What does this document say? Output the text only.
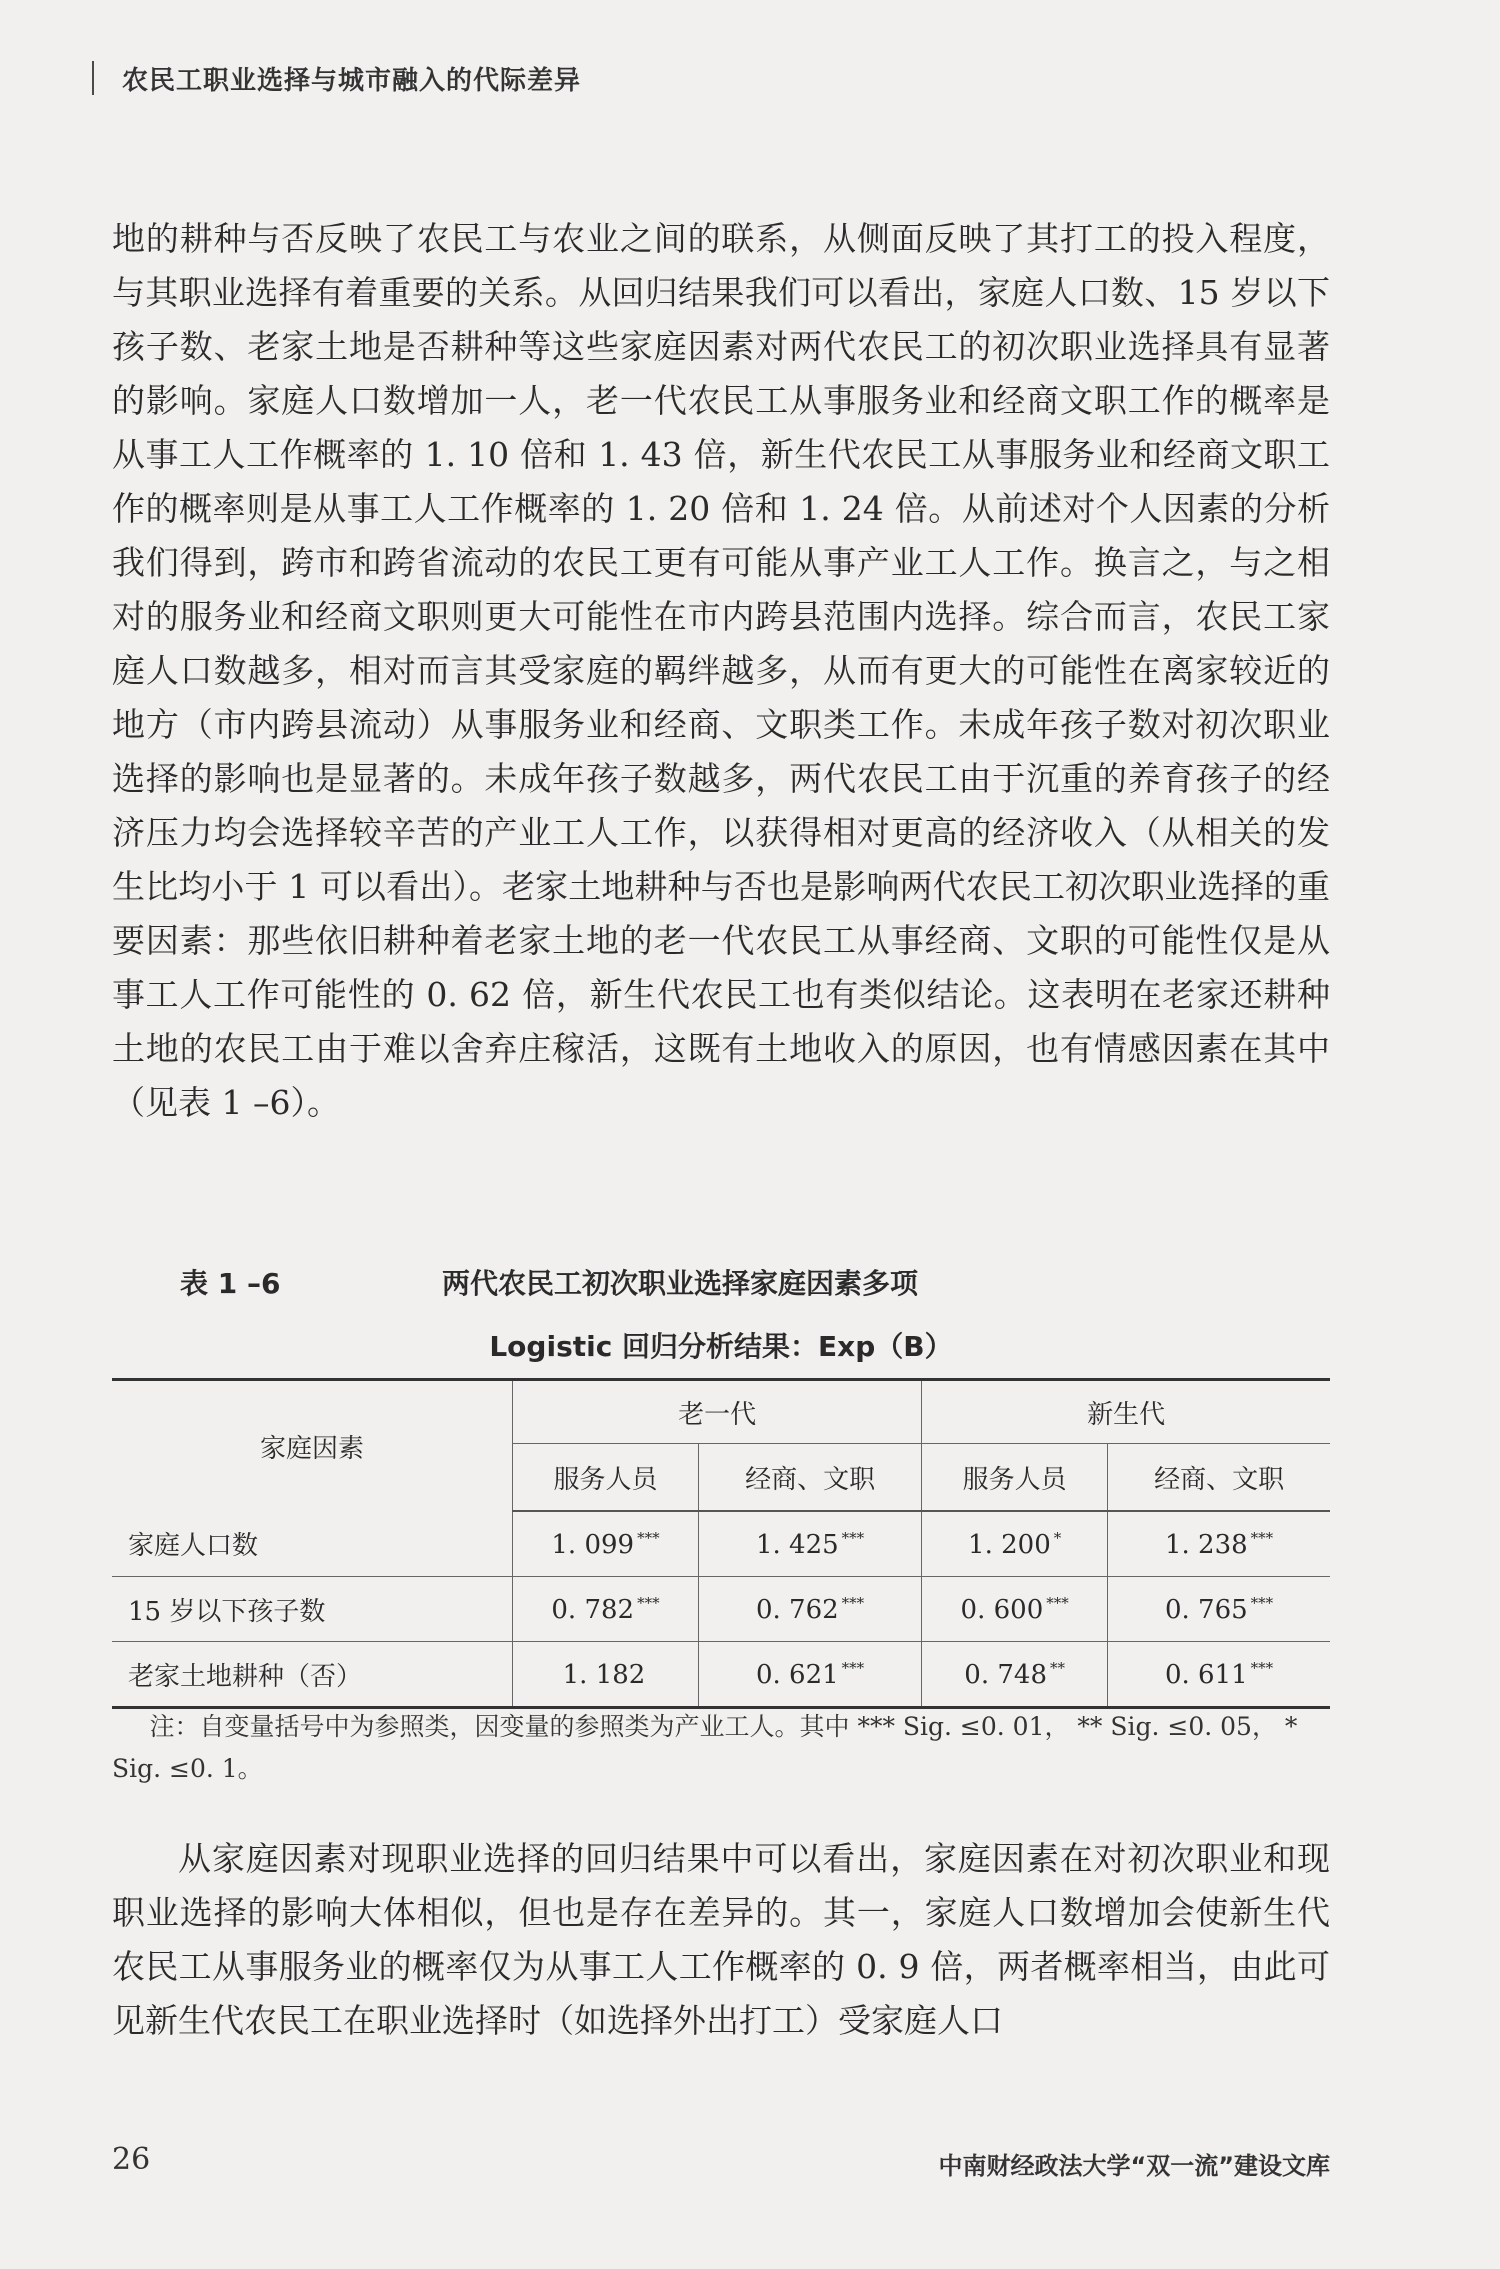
农民工职业选择与城市融入的代际差异

地的耕种与否反映了农民工与农业之间的联系，从侧面反映了其打工的投入程度，与其职业选择有着重要的关系。从回归结果我们可以看出，家庭人口数、15 岁以下孩子数、老家土地是否耕种等这些家庭因素对两代农民工的初次职业选择具有显著的影响。家庭人口数增加一人，老一代农民工从事服务业和经商文职工作的概率是从事工人工作概率的 1. 10 倍和 1. 43 倍，新生代农民工从事服务业和经商文职工作的概率则是从事工人工作概率的 1. 20 倍和 1. 24 倍。从前述对个人因素的分析我们得到，跨市和跨省流动的农民工更有可能从事产业工人工作。换言之，与之相对的服务业和经商文职则更大可能性在市内跨县范围内选择。综合而言，农民工家庭人口数越多，相对而言其受家庭的羁绊越多，从而有更大的可能性在离家较近的地方（市内跨县流动）从事服务业和经商、文职类工作。未成年孩子数对初次职业选择的影响也是显著的。未成年孩子数越多，两代农民工由于沉重的养育孩子的经济压力均会选择较辛苦的产业工人工作，以获得相对更高的经济收入（从相关的发生比均小于 1 可以看出）。老家土地耕种与否也是影响两代农民工初次职业选择的重要因素：那些依旧耕种着老家土地的老一代农民工从事经商、文职的可能性仅是从事工人工作可能性的 0. 62 倍，新生代农民工也有类似结论。这表明在老家还耕种土地的农民工由于难以舍弃庄稼活，这既有土地收入的原因，也有情感因素在其中（见表 1 –6）。

表 1 –6	两代农民工初次职业选择家庭因素多项
Logistic 回归分析结果：Exp（B）
家庭因素	老一代		新生代	
	服务人员	经商、文职	服务人员	经商、文职
家庭人口数	1. 099 ***	1. 425 ***	1. 200 *	1. 238 ***
15 岁以下孩子数	0. 782 ***	0. 762 ***	0. 600 ***	0. 765 ***
老家土地耕种（否）	1. 182	0. 621 ***	0. 748 **	0. 611 ***

注：自变量括号中为参照类，因变量的参照类为产业工人。其中 *** Sig. ≤0. 01， ** Sig. ≤0. 05， * Sig. ≤0. 1。

从家庭因素对现职业选择的回归结果中可以看出，家庭因素在对初次职业和现职业选择的影响大体相似，但也是存在差异的。其一，家庭人口数增加会使新生代农民工从事服务业的概率仅为从事工人工作概率的 0. 9 倍，两者概率相当，由此可见新生代农民工在职业选择时（如选择外出打工）受家庭人口

26	中南财经政法大学“双一流”建设文库
